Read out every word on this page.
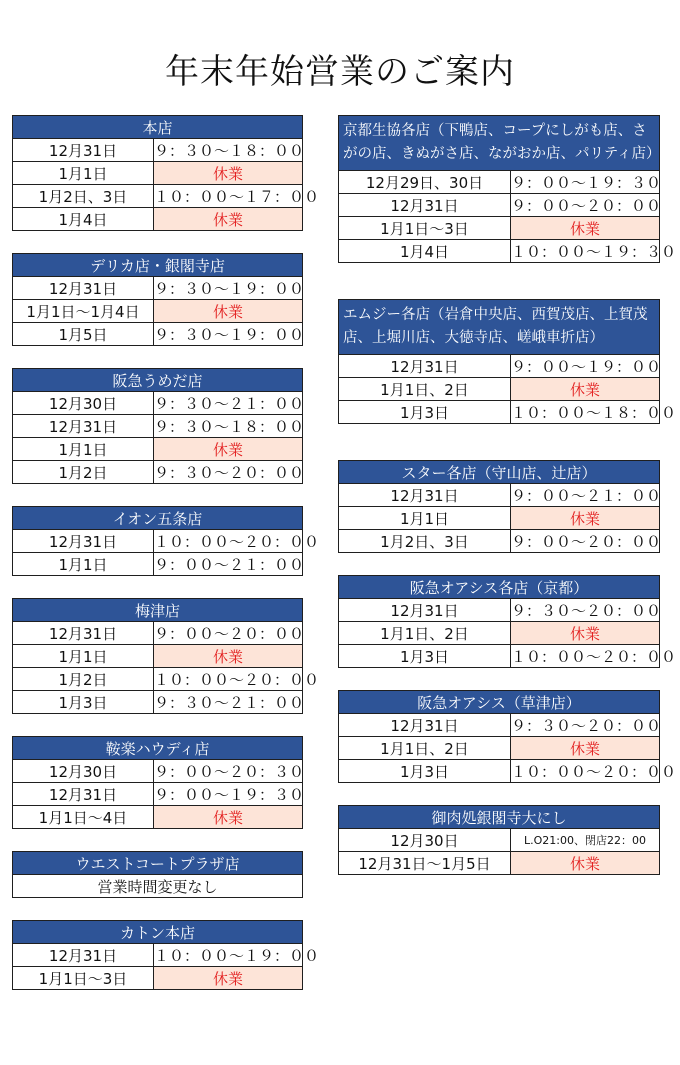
年末年始営業のご案内
本店	
12月31日	９：３０～１８：００
1月1日	休業
1月2日、3日	１０：００～１７：００
1月4日	休業
デリカ店・銀閣寺店	
12月31日	９：３０～１９：００
1月1日～1月4日	休業
1月5日	９：３０～１９：００
阪急うめだ店	
12月30日	９：３０～２１：００
12月31日	９：３０～１８：００
1月1日	休業
1月2日	９：３０～２０：００
イオン五条店	
12月31日	１０：００～２０：００
1月1日	９：００～２１：００
梅津店	
12月31日	９：００～２０：００
1月1日	休業
1月2日	１０：００～２０：００
1月3日	９：３０～２１：００
鞍楽ハウディ店	
12月30日	９：００～２０：３０
12月31日	９：００～１９：３０
1月1日～4日	休業
ウエストコートプラザ店
営業時間変更なし
カトン本店	
12月31日	１０：００～１９：００
1月1日～3日	休業
京都生協各店（下鴨店、コープにしがも店、さがの店、きぬがさ店、ながおか店、パリティ店）	
12月29日、30日	９：００～１９：３０
12月31日	９：００～２０：００
1月1日～3日	休業
1月4日	１０：００～１９：３０
エムジー各店（岩倉中央店、西賀茂店、上賀茂店、上堀川店、大徳寺店、嵯峨車折店）	
12月31日	９：００～１９：００
1月1日、2日	休業
1月3日	１０：００～１８：００
スター各店（守山店、辻店）	
12月31日	９：００～２１：００
1月1日	休業
1月2日、3日	９：００～２０：００
阪急オアシス各店（京都）	
12月31日	９：３０～２０：００
1月1日、2日	休業
1月3日	１０：００～２０：００
阪急オアシス（草津店）	
12月31日	９：３０～２０：００
1月1日、2日	休業
1月3日	１０：００～２０：００
御肉処銀閣寺大にし	
12月30日	L.O21:00、閉店22：00
12月31日～1月5日	休業
